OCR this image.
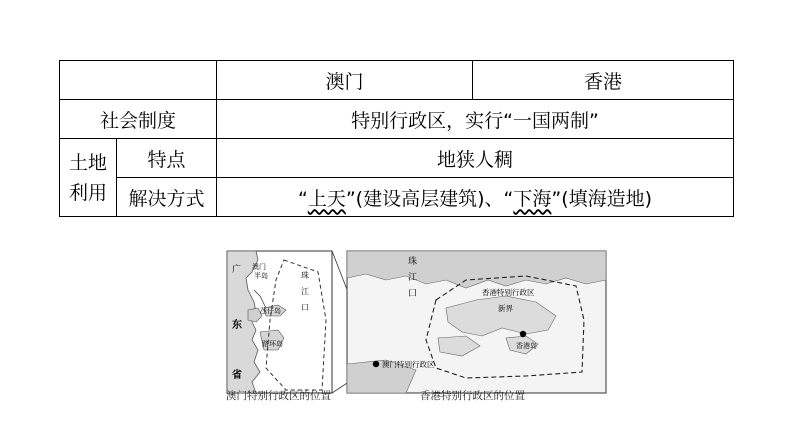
		澳门	香港
社会制度		特别行政区，实行“一国两制”	

土地
利用	特点	地狭人稠	
	解决方式	“上天”(建设高层建筑)、“下海”(填海造地)	
广
东
省
澳门
半岛
氹仔岛
路环岛
珠
江
口
珠
江
口	香港特别行政区
新界
香港岛
澳门特别行政区
澳门特别行政区的位置	香港特别行政区的位置
